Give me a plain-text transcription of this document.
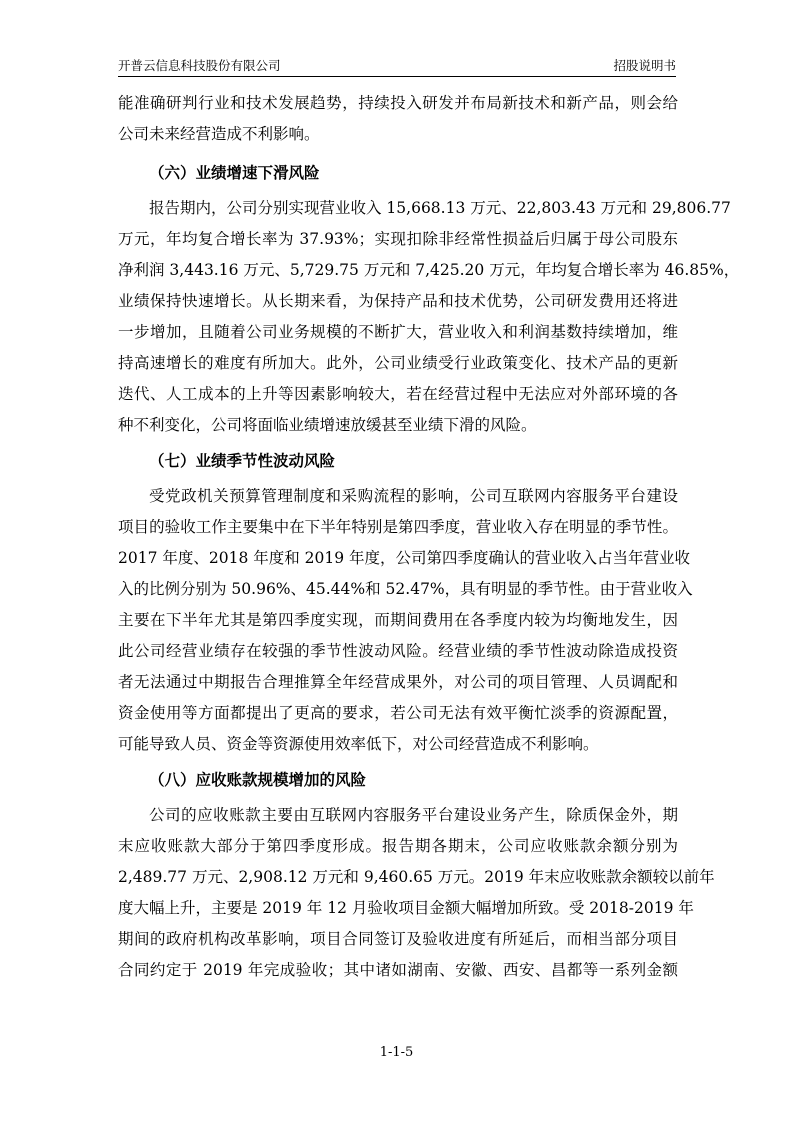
开普云信息科技股份有限公司	招股说明书
能准确研判行业和技术发展趋势，持续投入研发并布局新技术和新产品，则会给
公司未来经营造成不利影响。
（六）业绩增速下滑风险
报告期内，公司分别实现营业收入 15,668.13 万元、22,803.43 万元和 29,806.77
万元，年均复合增长率为 37.93%；实现扣除非经常性损益后归属于母公司股东
净利润 3,443.16 万元、5,729.75 万元和 7,425.20 万元，年均复合增长率为 46.85%，
业绩保持快速增长。从长期来看，为保持产品和技术优势，公司研发费用还将进
一步增加，且随着公司业务规模的不断扩大，营业收入和利润基数持续增加，维
持高速增长的难度有所加大。此外，公司业绩受行业政策变化、技术产品的更新
迭代、人工成本的上升等因素影响较大，若在经营过程中无法应对外部环境的各
种不利变化，公司将面临业绩增速放缓甚至业绩下滑的风险。
（七）业绩季节性波动风险
受党政机关预算管理制度和采购流程的影响，公司互联网内容服务平台建设
项目的验收工作主要集中在下半年特别是第四季度，营业收入存在明显的季节性。
2017 年度、2018 年度和 2019 年度，公司第四季度确认的营业收入占当年营业收
入的比例分别为 50.96%、45.44%和 52.47%，具有明显的季节性。由于营业收入
主要在下半年尤其是第四季度实现，而期间费用在各季度内较为均衡地发生，因
此公司经营业绩存在较强的季节性波动风险。经营业绩的季节性波动除造成投资
者无法通过中期报告合理推算全年经营成果外，对公司的项目管理、人员调配和
资金使用等方面都提出了更高的要求，若公司无法有效平衡忙淡季的资源配置，
可能导致人员、资金等资源使用效率低下，对公司经营造成不利影响。
（八）应收账款规模增加的风险
公司的应收账款主要由互联网内容服务平台建设业务产生，除质保金外，期
末应收账款大部分于第四季度形成。报告期各期末，公司应收账款余额分别为
2,489.77 万元、2,908.12 万元和 9,460.65 万元。2019 年末应收账款余额较以前年
度大幅上升，主要是 2019 年 12 月验收项目金额大幅增加所致。受 2018-2019 年
期间的政府机构改革影响，项目合同签订及验收进度有所延后，而相当部分项目
合同约定于 2019 年完成验收；其中诸如湖南、安徽、西安、昌都等一系列金额
1-1-5
